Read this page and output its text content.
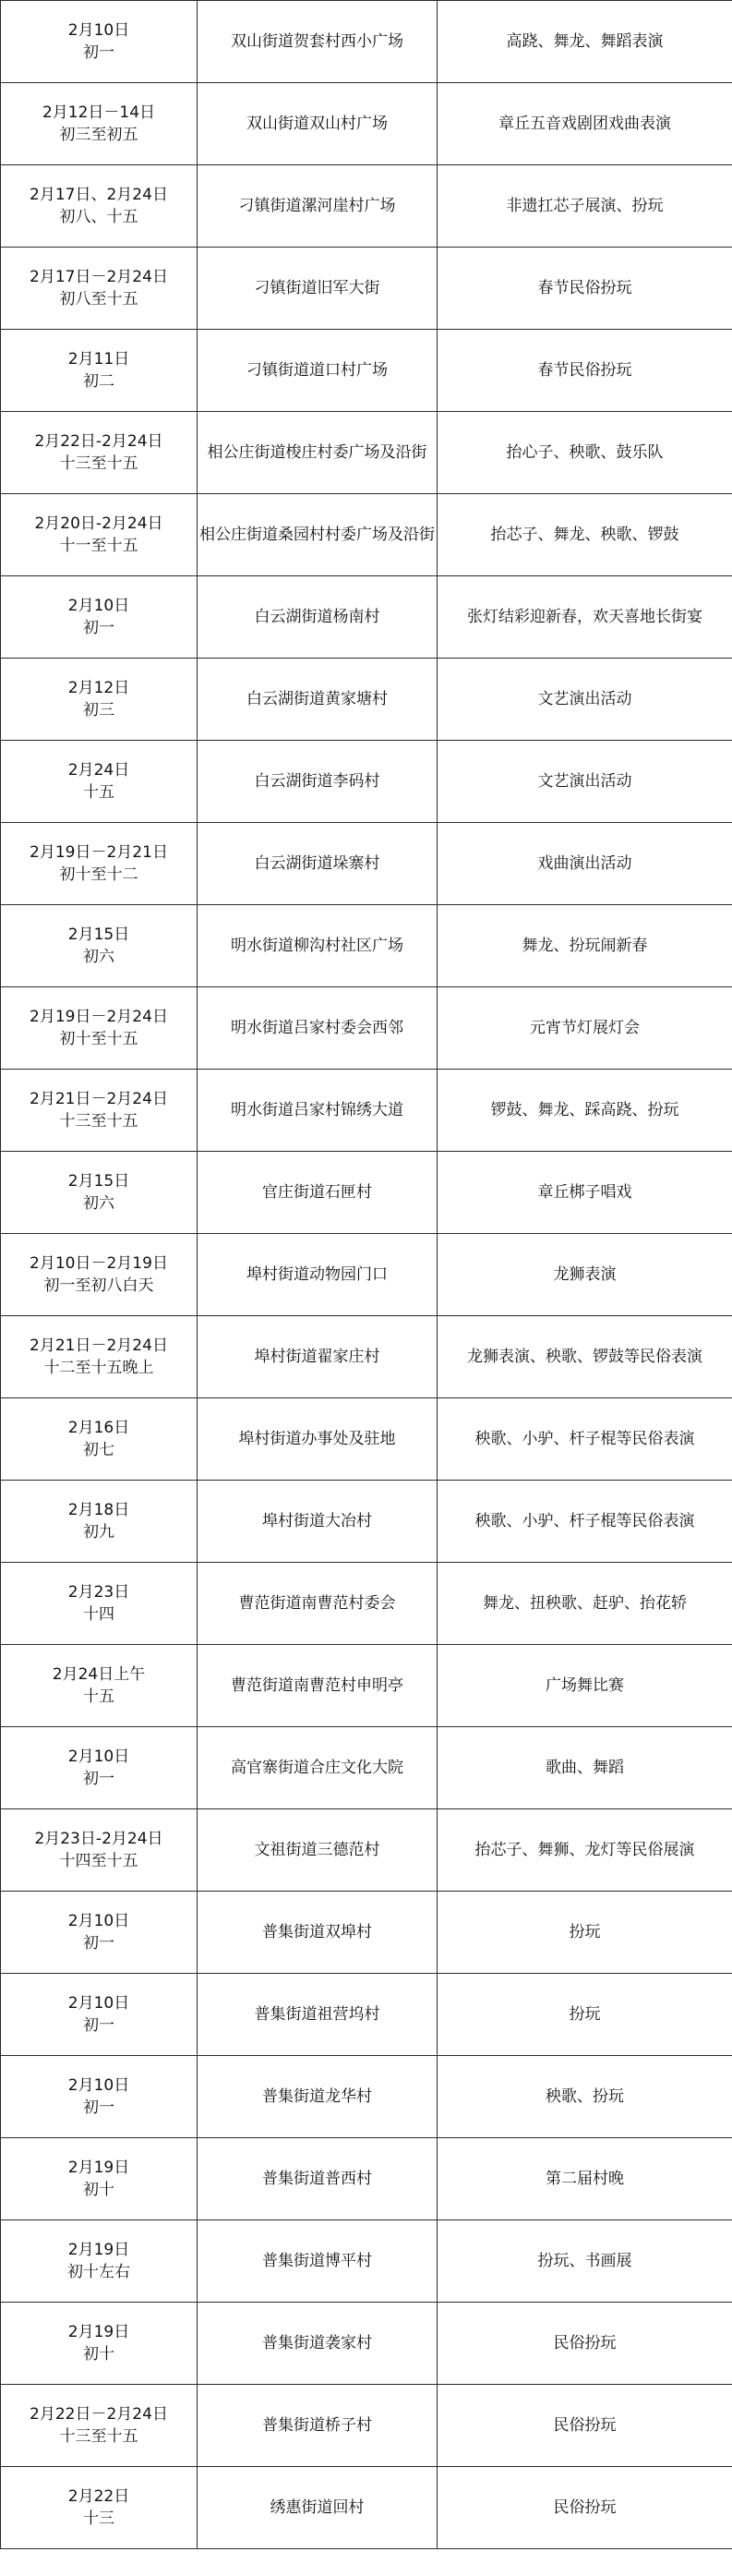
2月10日
初一	双山街道贺套村西小广场	高跷、舞龙、舞蹈表演

2月12日－14日
初三至初五	双山街道双山村广场	章丘五音戏剧团戏曲表演

2月17日、2月24日
初八、十五	刁镇街道漯河崖村广场	非遗扛芯子展演、扮玩

2月17日－2月24日
初八至十五	刁镇街道旧军大街	春节民俗扮玩

2月11日
初二	刁镇街道道口村广场	春节民俗扮玩

2月22日-2月24日
十三至十五	相公庄街道梭庄村委广场及沿街	抬心子、秧歌、鼓乐队

2月20日-2月24日
十一至十五	相公庄街道桑园村村委广场及沿街	抬芯子、舞龙、秧歌、锣鼓

2月10日
初一	白云湖街道杨南村	张灯结彩迎新春，欢天喜地长街宴

2月12日
初三	白云湖街道黄家塘村	文艺演出活动

2月24日
十五	白云湖街道李码村	文艺演出活动

2月19日－2月21日
初十至十二	白云湖街道垛寨村	戏曲演出活动

2月15日
初六	明水街道柳沟村社区广场	舞龙、扮玩闹新春

2月19日－2月24日
初十至十五	明水街道吕家村委会西邻	元宵节灯展灯会

2月21日－2月24日
十三至十五	明水街道吕家村锦绣大道	锣鼓、舞龙、踩高跷、扮玩

2月15日
初六	官庄街道石匣村	章丘梆子唱戏

2月10日－2月19日
初一至初八白天	埠村街道动物园门口	龙狮表演

2月21日－2月24日
十二至十五晚上	埠村街道翟家庄村	龙狮表演、秧歌、锣鼓等民俗表演

2月16日
初七	埠村街道办事处及驻地	秧歌、小驴、杆子棍等民俗表演

2月18日
初九	埠村街道大冶村	秧歌、小驴、杆子棍等民俗表演

2月23日
十四	曹范街道南曹范村委会	舞龙、扭秧歌、赶驴、抬花轿

2月24日上午
十五	曹范街道南曹范村申明亭	广场舞比赛

2月10日
初一	高官寨街道合庄文化大院	歌曲、舞蹈

2月23日-2月24日
十四至十五	文祖街道三德范村	抬芯子、舞狮、龙灯等民俗展演

2月10日
初一	普集街道双埠村	扮玩

2月10日
初一	普集街道祖营坞村	扮玩

2月10日
初一	普集街道龙华村	秧歌、扮玩

2月19日
初十	普集街道普西村	第二届村晚

2月19日
初十左右	普集街道博平村	扮玩、书画展

2月19日
初十	普集街道袭家村	民俗扮玩

2月22日－2月24日
十三至十五	普集街道桥子村	民俗扮玩

2月22日
十三	绣惠街道回村	民俗扮玩
